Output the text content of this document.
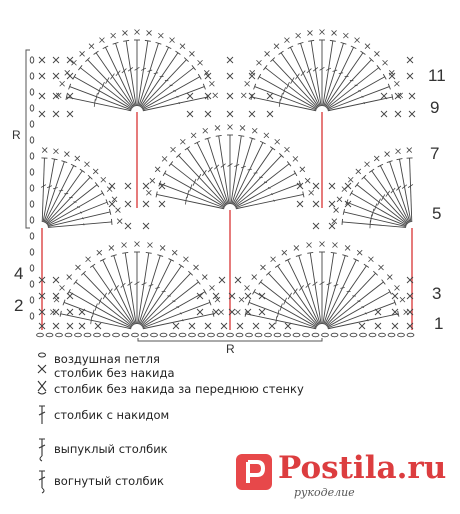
11
9
7
5
3
1
4
2
R
R
воздушная петля
столбик без накида
столбик без накида за переднюю стенку
столбик с накидом
выпуклый столбик
вогнутый столбик	Postila.ru
рукоделие
